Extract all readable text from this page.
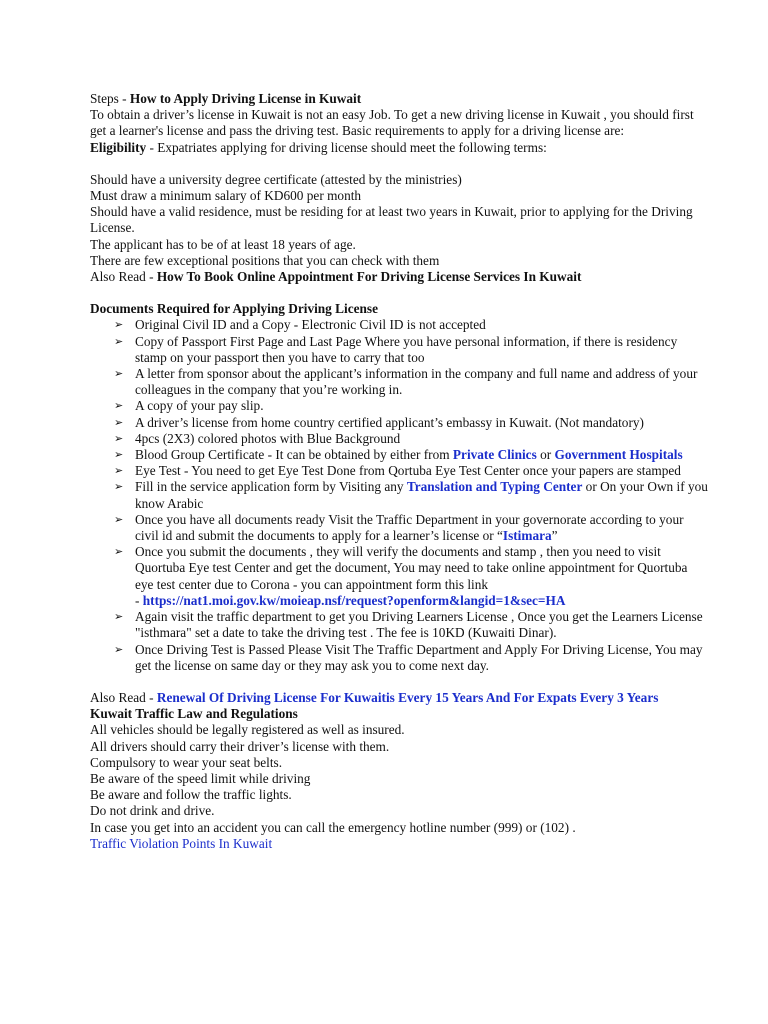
Steps - How to Apply Driving License in Kuwait

To obtain a driver’s license in Kuwait is not an easy Job. To get a new driving license in Kuwait , you should first get a learner's license and pass the driving test. Basic requirements to apply for a driving license are:

Eligibility - Expatriates applying for driving license should meet the following terms:

Should have a university degree certificate (attested by the ministries)

Must draw a minimum salary of KD600 per month

Should have a valid residence, must be residing for at least two years in Kuwait, prior to applying for the Driving License.

The applicant has to be of at least 18 years of age.

There are few exceptional positions that you can check with them

Also Read - How To Book Online Appointment For Driving License Services In Kuwait

Documents Required for Applying Driving License

➢ Original Civil ID and a Copy - Electronic Civil ID is not accepted
➢ Copy of Passport First Page and Last Page Where you have personal information, if there is residency stamp on your passport then you have to carry that too
➢ A letter from sponsor about the applicant’s information in the company and full name and address of your colleagues in the company that you’re working in.
➢ A copy of your pay slip.
➢ A driver’s license from home country certified applicant’s embassy in Kuwait. (Not mandatory)
➢ 4pcs (2X3) colored photos with Blue Background
➢ Blood Group Certificate - It can be obtained by either from Private Clinics or Government Hospitals
➢ Eye Test - You need to get Eye Test Done from Qortuba Eye Test Center once your papers are stamped
➢ Fill in the service application form by Visiting any Translation and Typing Center or On your Own if you know Arabic
➢ Once you have all documents ready Visit the Traffic Department in your governorate according to your civil id and submit the documents to apply for a learner’s license or “Istimara”
➢ Once you submit the documents , they will verify the documents and stamp , then you need to visit Quortuba Eye test Center and get the document, You may need to take online appointment for Quortuba eye test center due to Corona - you can appointment form this link
- https://nat1.moi.gov.kw/moieap.nsf/request?openform&langid=1&sec=HA
➢ Again visit the traffic department to get you Driving Learners License , Once you get the Learners License "isthmara" set a date to take the driving test . The fee is 10KD (Kuwaiti Dinar).
➢ Once Driving Test is Passed Please Visit The Traffic Department and Apply For Driving License, You may get the license on same day or they may ask you to come next day.

Also Read - Renewal Of Driving License For Kuwaitis Every 15 Years And For Expats Every 3 Years

Kuwait Traffic Law and Regulations

All vehicles should be legally registered as well as insured.

All drivers should carry their driver’s license with them.

Compulsory to wear your seat belts.

Be aware of the speed limit while driving

Be aware and follow the traffic lights.

Do not drink and drive.

In case you get into an accident you can call the emergency hotline number (999) or (102) .

Traffic Violation Points In Kuwait
